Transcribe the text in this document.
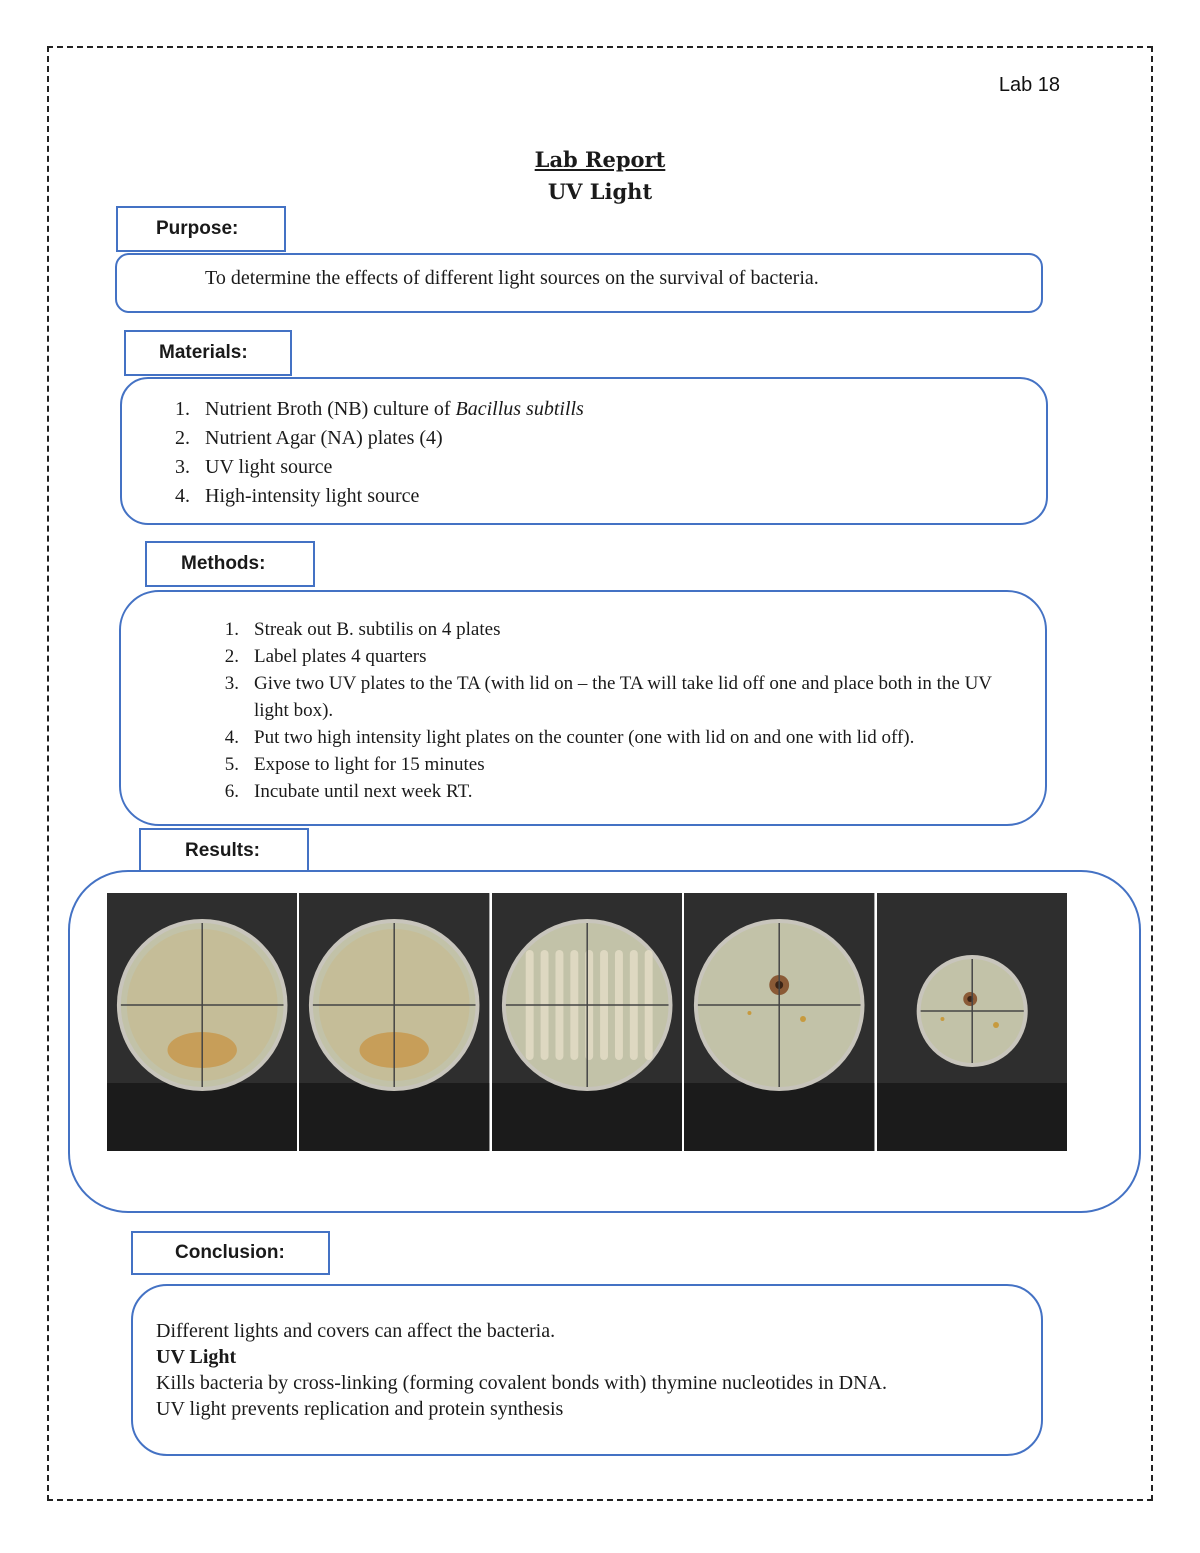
Lab 18
Lab Report
UV Light
Purpose:
To determine the effects of different light sources on the survival of bacteria.
Materials:
1. Nutrient Broth (NB) culture of Bacillus subtills
2. Nutrient Agar (NA) plates (4)
3. UV light source
4. High-intensity light source
Methods:
1. Streak out B. subtilis on 4 plates
2. Label plates 4 quarters
3. Give two UV plates to the TA (with lid on – the TA will take lid off one and place both in the UV light box).
4. Put two high intensity light plates on the counter (one with lid on and one with lid off).
5. Expose to light for 15 minutes
6. Incubate until next week RT.
Results:
Conclusion:
Different lights and covers can affect the bacteria.
UV Light
Kills bacteria by cross-linking (forming covalent bonds with) thymine nucleotides in DNA.
UV light prevents replication and protein synthesis
